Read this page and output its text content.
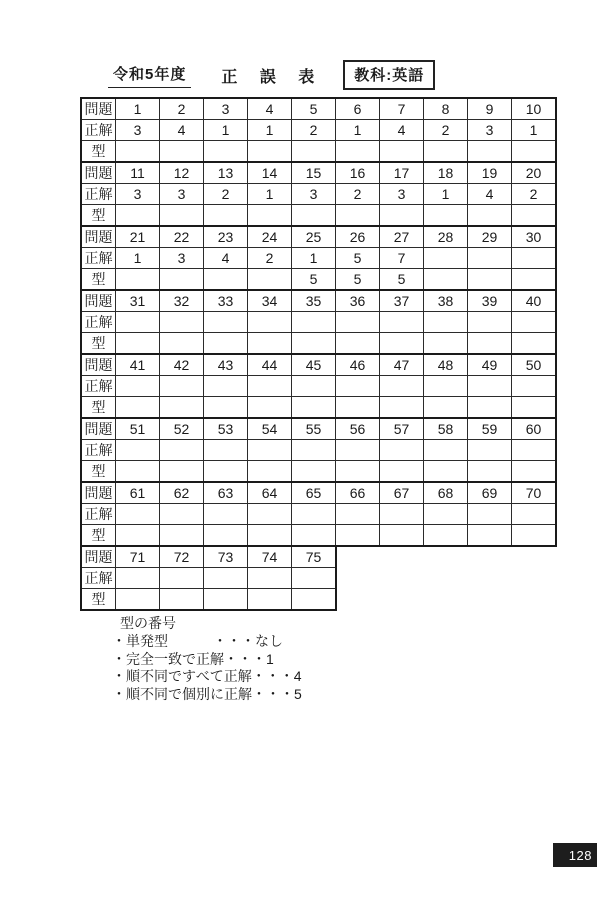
令和5年度	正 誤 表	教科:英語
問題	1	2	3	4	5	6	7	8	9	10
正解	3	4	1	1	2	1	4	2	3	1
型										
問題	11	12	13	14	15	16	17	18	19	20
正解	3	3	2	1	3	2	3	1	4	2
型										
問題	21	22	23	24	25	26	27	28	29	30
正解	1	3	4	2	1	5	7			
型					5	5	5			
問題	31	32	33	34	35	36	37	38	39	40
正解										
型										
問題	41	42	43	44	45	46	47	48	49	50
正解										
型										
問題	51	52	53	54	55	56	57	58	59	60
正解										
型										
問題	61	62	63	64	65	66	67	68	69	70
正解										
型										
問題	71	72	73	74	75
正解					
型					
型の番号
・単発型	・・・ なし
・完全一致で正解 ・・・ 1
・順不同ですべて正解 ・・・ 4
・順不同で個別に正解 ・・・ 5
128
